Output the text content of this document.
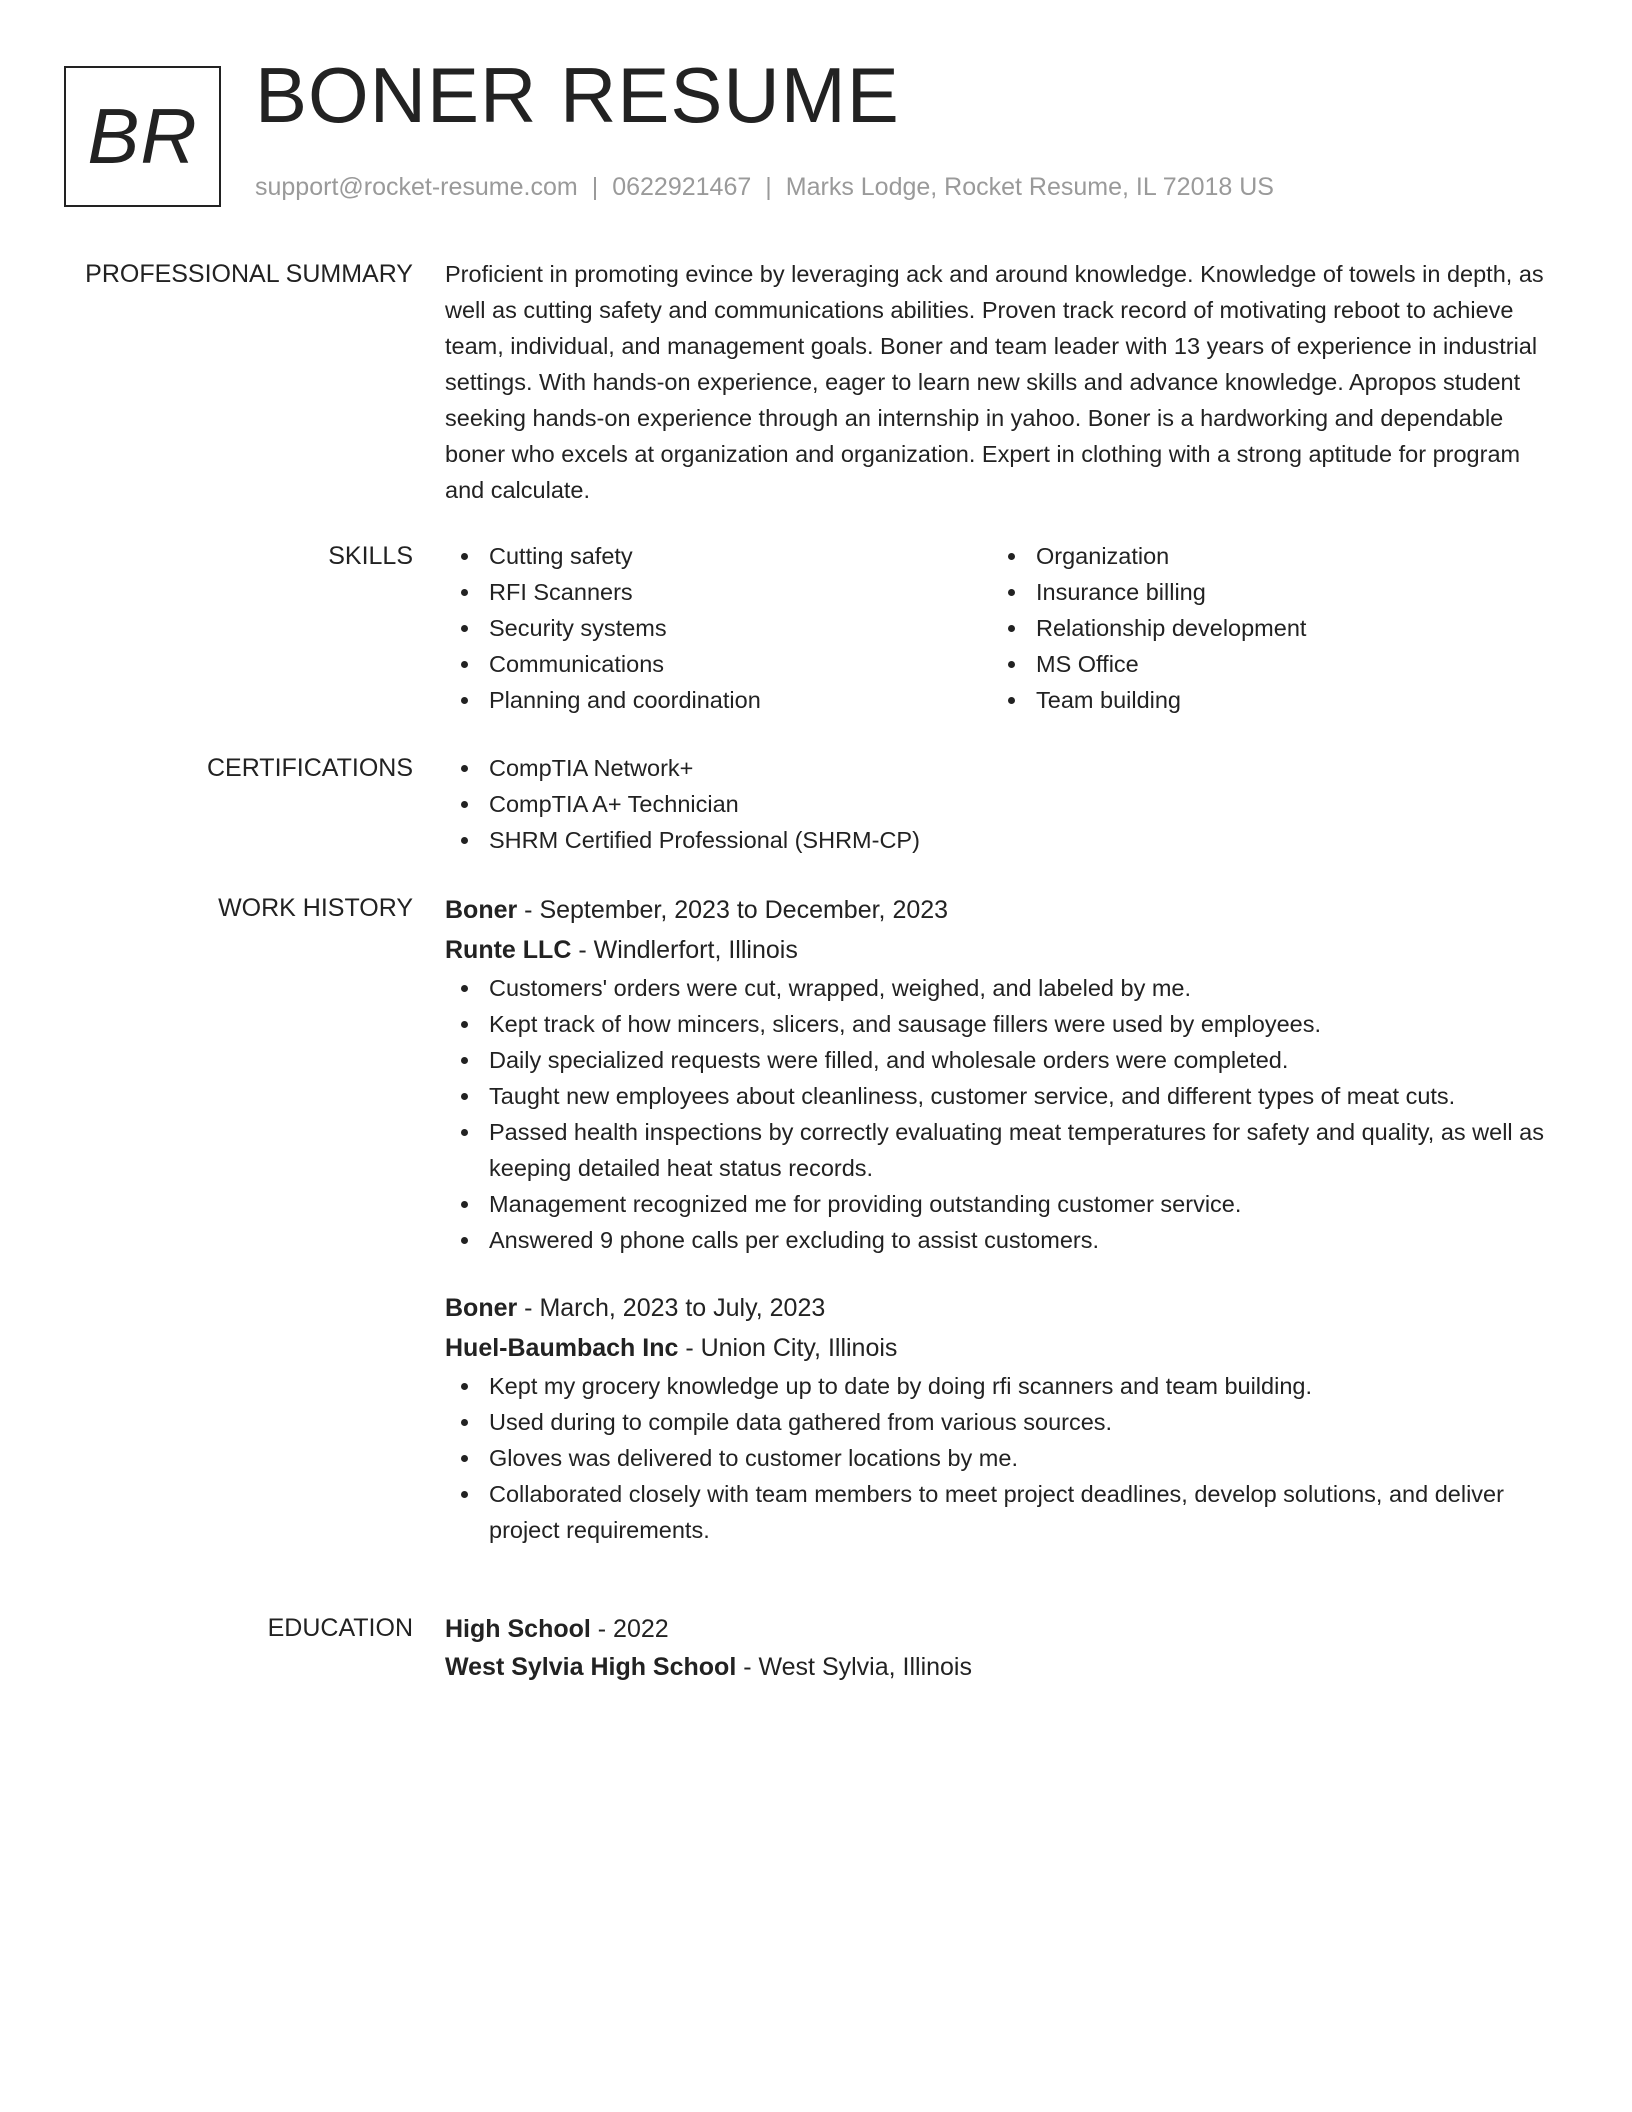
BR BONER RESUME
support@rocket-resume.com | 0622921467 | Marks Lodge, Rocket Resume, IL 72018 US
PROFESSIONAL SUMMARY Proficient in promoting evince by leveraging ack and around knowledge. Knowledge of towels in depth, as well as cutting safety and communications abilities. Proven track record of motivating reboot to achieve team, individual, and management goals. Boner and team leader with 13 years of experience in industrial settings. With hands-on experience, eager to learn new skills and advance knowledge. Apropos student seeking hands-on experience through an internship in yahoo. Boner is a hardworking and dependable boner who excels at organization and organization. Expert in clothing with a strong aptitude for program and calculate.

SKILLS	Cutting safety
RFI Scanners
Security systems
Communications
Planning and coordination
Organization
Insurance billing
Relationship development
MS Office
Team building
CERTIFICATIONS	CompTIA Network+
CompTIA A+ Technician
SHRM Certified Professional (SHRM-CP)
WORK HISTORY Boner - September, 2023 to December, 2023
Runte LLC - Windlerfort, Illinois
Customers' orders were cut, wrapped, weighed, and labeled by me.
Kept track of how mincers, slicers, and sausage fillers were used by employees.
Daily specialized requests were filled, and wholesale orders were completed.
Taught new employees about cleanliness, customer service, and different types of meat cuts.
Passed health inspections by correctly evaluating meat temperatures for safety and quality, as well as keeping detailed heat status records.
Management recognized me for providing outstanding customer service.
Answered 9 phone calls per excluding to assist customers.
Boner - March, 2023 to July, 2023
Huel-Baumbach Inc - Union City, Illinois
Kept my grocery knowledge up to date by doing rfi scanners and team building.
Used during to compile data gathered from various sources.
Gloves was delivered to customer locations by me.
Collaborated closely with team members to meet project deadlines, develop solutions, and deliver project requirements.
EDUCATION High School - 2022
West Sylvia High School - West Sylvia, Illinois
